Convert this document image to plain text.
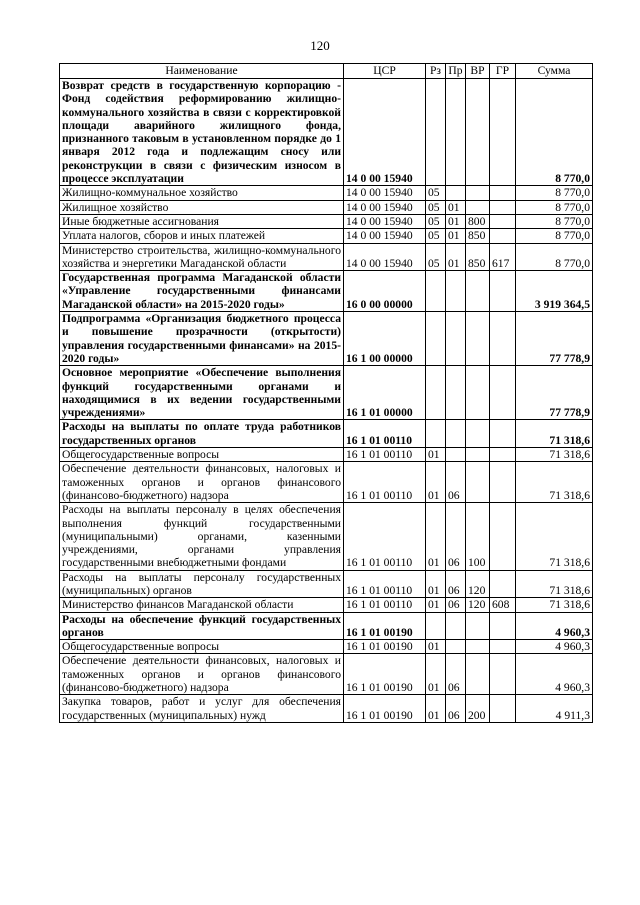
120
Наименование	ЦСР	Рз	Пр	ВР	ГР	Сумма
Возврат средств в государственную корпорацию - Фонд содействия реформированию жилищно-коммунального хозяйства в связи с корректировкой площади аварийного жилищного фонда, признанного таковым в установленном порядке до 1 января 2012 года и подлежащим сносу или реконструкции в связи с физическим износом в процессе эксплуатации	14 0 00 15940					8 770,0
Жилищно-коммунальное хозяйство	14 0 00 15940	05				8 770,0
Жилищное хозяйство	14 0 00 15940	05	01			8 770,0
Иные бюджетные ассигнования	14 0 00 15940	05	01	800		8 770,0
Уплата налогов, сборов и иных платежей	14 0 00 15940	05	01	850		8 770,0
Министерство строительства, жилищно-коммунального хозяйства и энергетики Магаданской области	14 0 00 15940	05	01	850	617	8 770,0
Государственная программа Магаданской области «Управление государственными финансами Магаданской области» на 2015-2020 годы»	16 0 00 00000					3 919 364,5
Подпрограмма «Организация бюджетного процесса и повышение прозрачности (открытости) управления государственными финансами» на 2015-2020 годы»	16 1 00 00000					77 778,9
Основное мероприятие «Обеспечение выполнения функций государственными органами и находящимися в их ведении государственными учреждениями»	16 1 01 00000					77 778,9
Расходы на выплаты по оплате труда работников государственных органов	16 1 01 00110					71 318,6
Общегосударственные вопросы	16 1 01 00110	01				71 318,6
Обеспечение деятельности финансовых, налоговых и таможенных органов и органов финансового (финансово-бюджетного) надзора	16 1 01 00110	01	06			71 318,6
Расходы на выплаты персоналу в целях обеспечения выполнения функций государственными (муниципальными) органами, казенными учреждениями, органами управления государственными внебюджетными фондами	16 1 01 00110	01	06	100		71 318,6
Расходы на выплаты персоналу государственных (муниципальных) органов	16 1 01 00110	01	06	120		71 318,6
Министерство финансов Магаданской области	16 1 01 00110	01	06	120	608	71 318,6
Расходы на обеспечение функций государственных органов	16 1 01 00190					4 960,3
Общегосударственные вопросы	16 1 01 00190	01				4 960,3
Обеспечение деятельности финансовых, налоговых и таможенных органов и органов финансового (финансово-бюджетного) надзора	16 1 01 00190	01	06			4 960,3
Закупка товаров, работ и услуг для обеспечения государственных (муниципальных) нужд	16 1 01 00190	01	06	200		4 911,3
